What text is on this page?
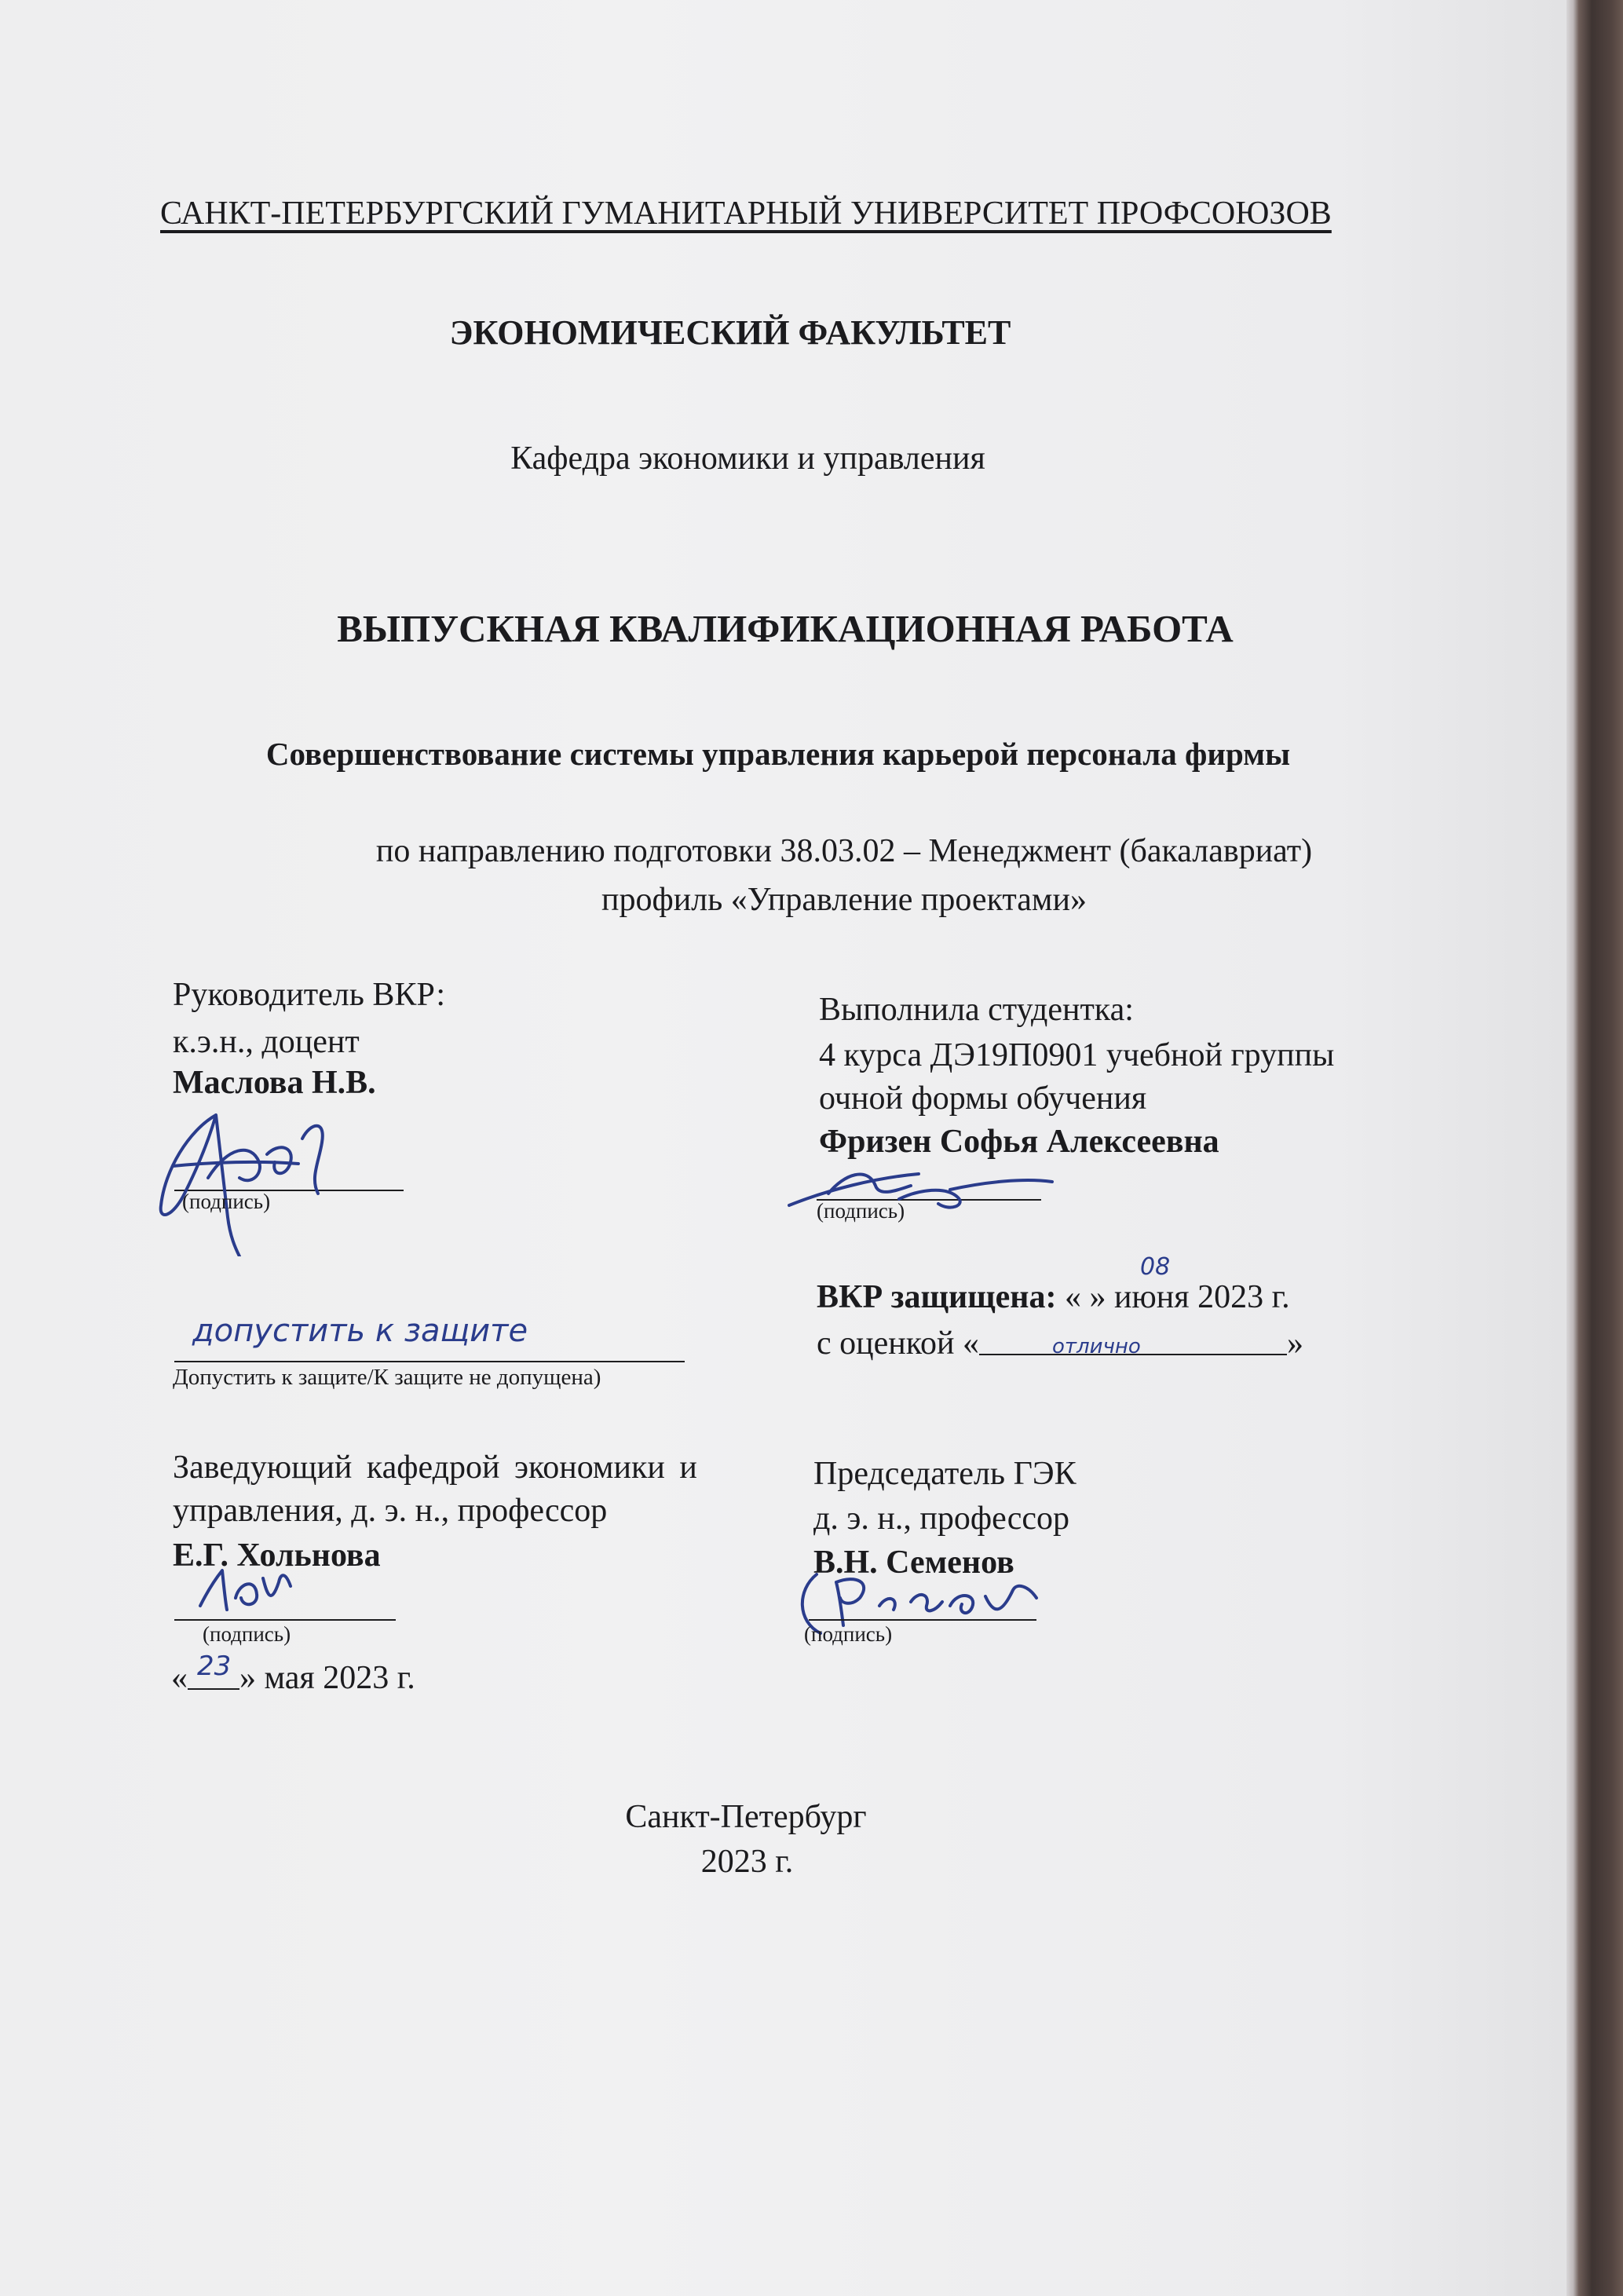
САНКТ-ПЕТЕРБУРГСКИЙ ГУМАНИТАРНЫЙ УНИВЕРСИТЕТ ПРОФСОЮЗОВ
ЭКОНОМИЧЕСКИЙ ФАКУЛЬТЕТ
Кафедра экономики и управления
ВЫПУСКНАЯ КВАЛИФИКАЦИОННАЯ РАБОТА
Совершенствование системы управления карьерой персонала фирмы
по направлению подготовки 38.03.02 – Менеджмент (бакалавриат)
профиль «Управление проектами»
Руководитель ВКР:
к.э.н., доцент
Маслова Н.В.
(подпись)
Выполнила студентка:
4 курса ДЭ19П0901 учебной группы
очной формы обучения
Фризен Софья Алексеевна
(подпись)
ВКР защищена: « » июня 2023 г.
08
с оценкой «	»
отлично
допустить к защите
Допустить к защите/К защите не допущена)
Заведующий кафедрой экономики и
управления, д. э. н., профессор
Е.Г. Хольнова
(подпись)
« 23 » мая 2023 г.
Председатель ГЭК
д. э. н., профессор
В.Н. Семенов
(подпись)
Санкт-Петербург
2023 г.
